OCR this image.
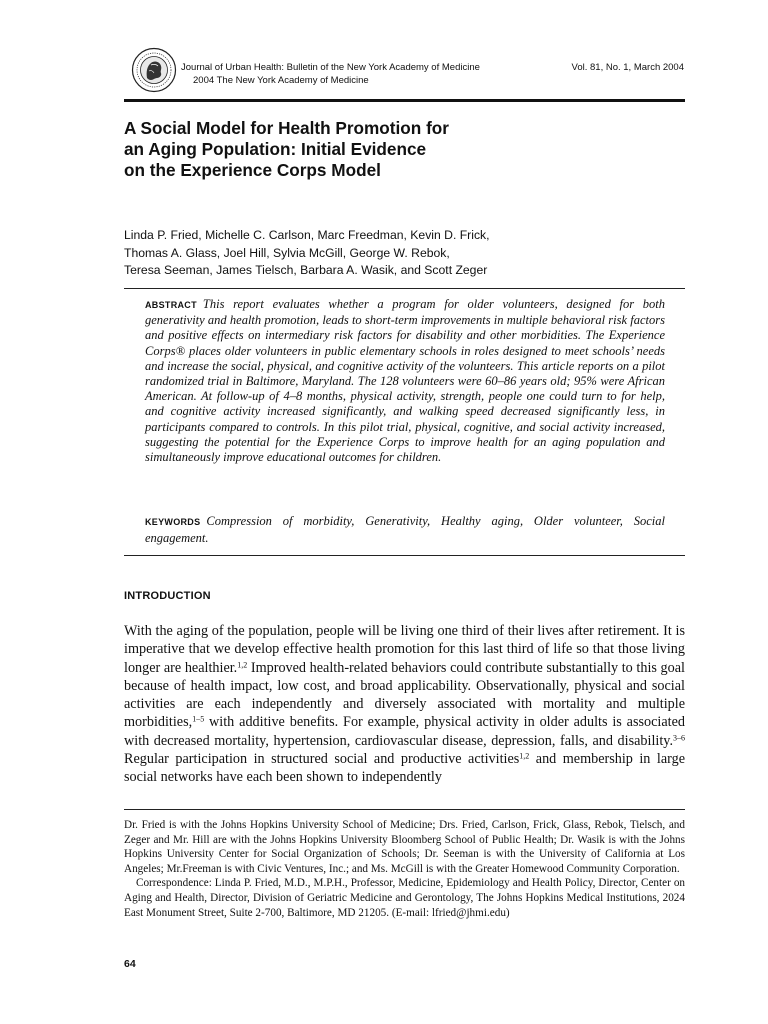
Journal of Urban Health: Bulletin of the New York Academy of Medicine
2004 The New York Academy of Medicine
Vol. 81, No. 1, March 2004
A Social Model for Health Promotion for
an Aging Population: Initial Evidence
on the Experience Corps Model
Linda P. Fried, Michelle C. Carlson, Marc Freedman, Kevin D. Frick,
Thomas A. Glass, Joel Hill, Sylvia McGill, George W. Rebok,
Teresa Seeman, James Tielsch, Barbara A. Wasik, and Scott Zeger

ABSTRACT This report evaluates whether a program for older volunteers, designed for both generativity and health promotion, leads to short-term improvements in multiple behavioral risk factors and positive effects on intermediary risk factors for disability and other morbidities. The Experience Corps® places older volunteers in public elementary schools in roles designed to meet schools’ needs and increase the social, physical, and cognitive activity of the volunteers. This article reports on a pilot randomized trial in Baltimore, Maryland. The 128 volunteers were 60–86 years old; 95% were African American. At follow-up of 4–8 months, physical activity, strength, people one could turn to for help, and cognitive activity increased significantly, and walking speed decreased significantly less, in participants compared to controls. In this pilot trial, physical, cognitive, and social activity increased, suggesting the potential for the Experience Corps to improve health for an aging population and simultaneously improve educational outcomes for children.

KEYWORDS Compression of morbidity, Generativity, Healthy aging, Older volunteer, Social engagement.

INTRODUCTION

With the aging of the population, people will be living one third of their lives after retirement. It is imperative that we develop effective health promotion for this last third of life so that those living longer are healthier.$^{1,2}$ Improved health-related behaviors could contribute substantially to this goal because of health impact, low cost, and broad applicability. Observationally, physical and social activities are each independently and diversely associated with mortality and multiple morbidities,$^{1-5}$ with additive benefits. For example, physical activity in older adults is associated with decreased mortality, hypertension, cardiovascular disease, depression, falls, and disability.$^{3-6}$ Regular participation in structured social and productive activities$^{1,2}$ and membership in large social networks have each been shown to independently

Dr. Fried is with the Johns Hopkins University School of Medicine; Drs. Fried, Carlson, Frick, Glass, Rebok, Tielsch, and Zeger and Mr. Hill are with the Johns Hopkins University Bloomberg School of Public Health; Dr. Wasik is with the Johns Hopkins University Center for Social Organization of Schools; Dr. Seeman is with the University of California at Los Angeles; Mr.Freeman is with Civic Ventures, Inc.; and Ms. McGill is with the Greater Homewood Community Corporation.

Correspondence: Linda P. Fried, M.D., M.P.H., Professor, Medicine, Epidemiology and Health Policy, Director, Center on Aging and Health, Director, Division of Geriatric Medicine and Gerontology, The Johns Hopkins Medical Institutions, 2024 East Monument Street, Suite 2-700, Baltimore, MD 21205. (E-mail: lfried@jhmi.edu)

64
